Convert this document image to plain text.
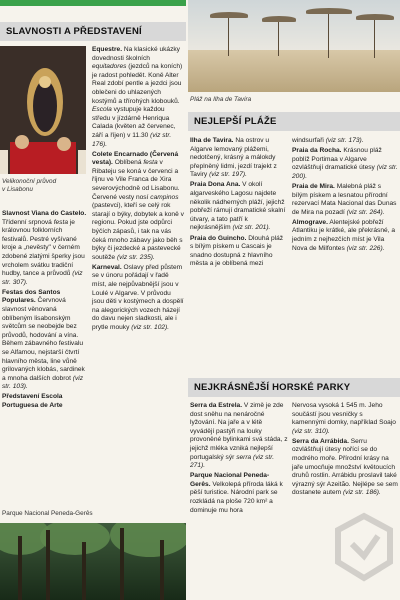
SLAVNOSTI A PŘEDSTAVENÍ
Velikonoční průvod
v Lisabonu

Slavnost Viana do Castelo. Třídenní srpnová festa je královnou folklorních festivalů. Pestré vyšívané kroje a „nevěsty" v černém zdobené zlatými šperky jsou vrcholem svátku tradiční hudby, tance a průvodů (viz str. 307).

Festas dos Santos Populares. Červnová slavnost věnovaná oblíbeným lisabonským světcům se neobejde bez průvodů, hodování a vína. Během zábavného festivalu se Alfamou, nejstarší čtvrtí hlavního města, line vůně grilovaných klobás, sardinek a mnoha dalších dobrot (viz str. 103).

Představení Escola Portuguesa de Arte

Equestre. Na klasické ukázky dovednosti školních equitadores (jezdců na koních) je radost pohledět. Koně Alter Real zdobí pentle a jezdci jsou oblečeni do uhlazených kostýmů a třírohých klobouků. Escola vystupuje každou středu v jízdárně Henriqua Calada (květen až červenec, září a říjen) v 11.30 (viz str. 176).

Colete Encarnado (Červená vesta). Oblíbená festa v Ribateju se koná v červenci a říjnu ve Vile Franca de Xira severovýchodně od Lisabonu. Červené vesty nosí campinos (pastevci), kteří se celý rok starají o býky, dobytek a koně v regionu. Pokud jste odpůrci býčích zápasů, i tak na vás čeká mnoho zábavy jako běh s býky či jezdecké a pastevecké soutěže (viz str. 235).

Karneval. Oslavy před půstem se v únoru pořádají v řadě míst, ale nejpůvabnější jsou v Loulé v Algarve. V průvodu jsou děti v kostýmech a dospělí na alegorických vozech házejí do davu nejen sladkosti, ale i prytle mouky (viz str. 102).

Parque Nacional Peneda-Gerês
Pláž na Ilha de Tavira
NEJLEPŠÍ PLÁŽE

Ilha de Tavira. Na ostrov u Algarve lemovaný plážemi, nedotčený, krásný a málokdy přeplněný lidmi, jezdí trajekt z Taviry (viz str. 197).

Praia Dona Ana. V okolí algarveského Lagosu najdete několik nádherných pláží, jejichž pobřeží rámují dramatické skalní útvary, a tato patří k nejkrásnějším (viz str. 201).

Praia do Guincho. Dlouhá pláž s bílým pískem u Cascais je snadno dostupná z hlavního města a je oblíbená mezi

windsurfaři (viz str. 173).

Praia da Rocha. Krásnou pláž poblíž Portimaa v Algarve ozvláštňují dramatické útesy (viz str. 200).

Praia de Mira. Malebná pláž s bílým pískem a lesnatou přírodní rezervací Mata Nacional das Dunas de Mira na pozadí (viz str. 264).

Almograve. Alentejské pobřeží Atlantiku je krátké, ale překrásné, a jedním z nejhezčích míst je Vila Nova de Milfontes (viz str. 226).

NEJKRÁSNĚJŠÍ HORSKÉ PARKY

Serra da Estrela. V zimě je zde dost sněhu na nenáročné lyžování. Na jaře a v létě vyvádějí pastýři na louky provoněné bylinkami svá stáda, z jejichž mléka vzniká nejlepší portugalský sýr serra (viz str. 271).

Parque Nacional Peneda-Gerês. Velkolepá příroda láká k pěší turistice. Národní park se rozkládá na ploše 720 km² a dominuje mu hora

Nervosa vysoká 1 545 m. Jeho součástí jsou vesničky s kamennými domky, například Soajo (viz str. 310).

Serra da Arrábida. Serru ozvláštňují útesy nořící se do modrého moře. Přírodní krásy na jaře umocňuje množství květoucích druhů rostlin. Arrábidu proslavil také výrazný sýr Azeitão. Nejlépe se sem dostanete autem (viz str. 186).
